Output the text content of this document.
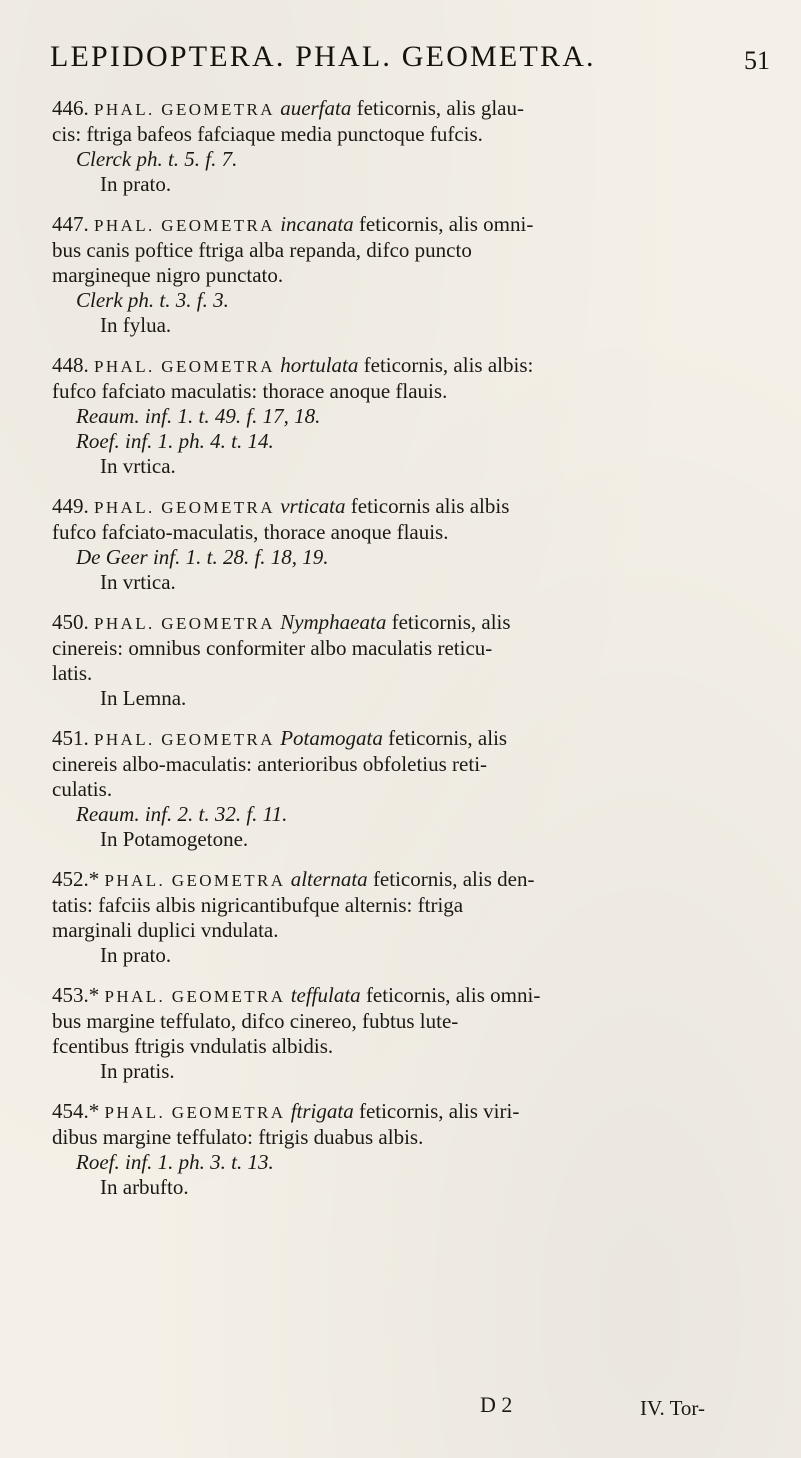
LEPIDOPTERA. PHAL. GEOMETRA.	51
446. PHAL. GEOMETRA auerfata feticornis, alis glau-
cis: ftriga bafeos fafciaque media punctoque fufcis.
Clerck ph. t. 5. f. 7.
In prato.
447. PHAL. GEOMETRA incanata feticornis, alis omni-
bus canis poftice ftriga alba repanda, difco puncto
margineque nigro punctato.
Clerk ph. t. 3. f. 3.
In fylua.
448. PHAL. GEOMETRA hortulata feticornis, alis albis:
fufco fafciato maculatis: thorace anoque flauis.
Reaum. inf. 1. t. 49. f. 17, 18.
Roef. inf. 1. ph. 4. t. 14.
In vrtica.
449. PHAL. GEOMETRA vrticata feticornis alis albis
fufco fafciato-maculatis, thorace anoque flauis.
De Geer inf. 1. t. 28. f. 18, 19.
In vrtica.
450. PHAL. GEOMETRA Nymphaeata feticornis, alis
cinereis: omnibus conformiter albo maculatis reticu-
latis.
In Lemna.
451. PHAL. GEOMETRA Potamogata feticornis, alis
cinereis albo-maculatis: anterioribus obfoletius reti-
culatis.
Reaum. inf. 2. t. 32. f. 11.
In Potamogetone.
452.* PHAL. GEOMETRA alternata feticornis, alis den-
tatis: fafciis albis nigricantibufque alternis: ftriga
marginali duplici vndulata.
In prato.
453.* PHAL. GEOMETRA teffulata feticornis, alis omni-
bus margine teffulato, difco cinereo, fubtus lute-
fcentibus ftrigis vndulatis albidis.
In pratis.
454.* PHAL. GEOMETRA ftrigata feticornis, alis viri-
dibus margine teffulato: ftrigis duabus albis.
Roef. inf. 1. ph. 3. t. 13.
In arbufto.
D 2	IV. Tor-
